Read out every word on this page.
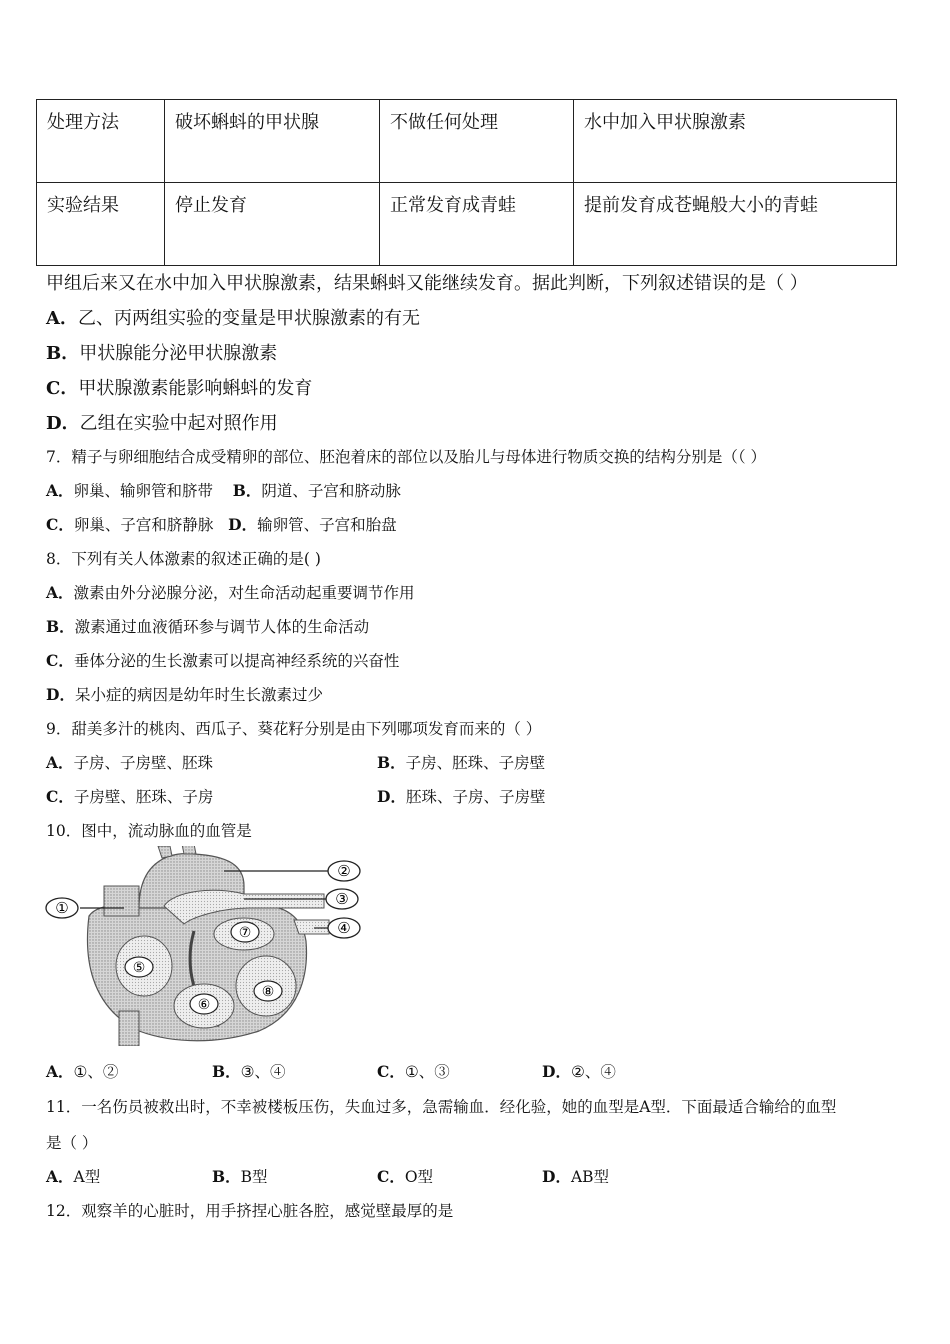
处理方法	破坏蝌蚪的甲状腺	不做任何处理	水中加入甲状腺激素
实验结果	停止发育	正常发育成青蛙	提前发育成苍蝇般大小的青蛙
甲组后来又在水中加入甲状腺激素，结果蝌蚪又能继续发育。据此判断，下列叙述错误的是（ ）
A．乙、丙两组实验的变量是甲状腺激素的有无
B．甲状腺能分泌甲状腺激素
C．甲状腺激素能影响蝌蚪的发育
D．乙组在实验中起对照作用
7．精子与卵细胞结合成受精卵的部位、胚泡着床的部位以及胎儿与母体进行物质交换的结构分别是（（ ）
A．卵巢、输卵管和脐带 B．阴道、子宫和脐动脉
C．卵巢、子宫和脐静脉 D．输卵管、子宫和胎盘
8．下列有关人体激素的叙述正确的是( )
A．激素由外分泌腺分泌，对生命活动起重要调节作用
B．激素通过血液循环参与调节人体的生命活动
C．垂体分泌的生长激素可以提高神经系统的兴奋性
D．呆小症的病因是幼年时生长激素过少
9．甜美多汁的桃肉、西瓜子、葵花籽分别是由下列哪项发育而来的（ ）
A．子房、子房壁、胚珠	B．子房、胚珠、子房壁
C．子房壁、胚珠、子房	D．胚珠、子房、子房壁
10．图中，流动脉血的血管是
①
②
③
④
⑤
⑥
⑦
⑧
A．①、②	B．③、④	C．①、③	D．②、④
11．一名伤员被救出时，不幸被楼板压伤，失血过多，急需输血．经化验，她的血型是A型．下面最适合输给的血型
是（ ）
A．A型	B．B型	C．O型	D．AB型
12．观察羊的心脏时，用手挤捏心脏各腔，感觉壁最厚的是
